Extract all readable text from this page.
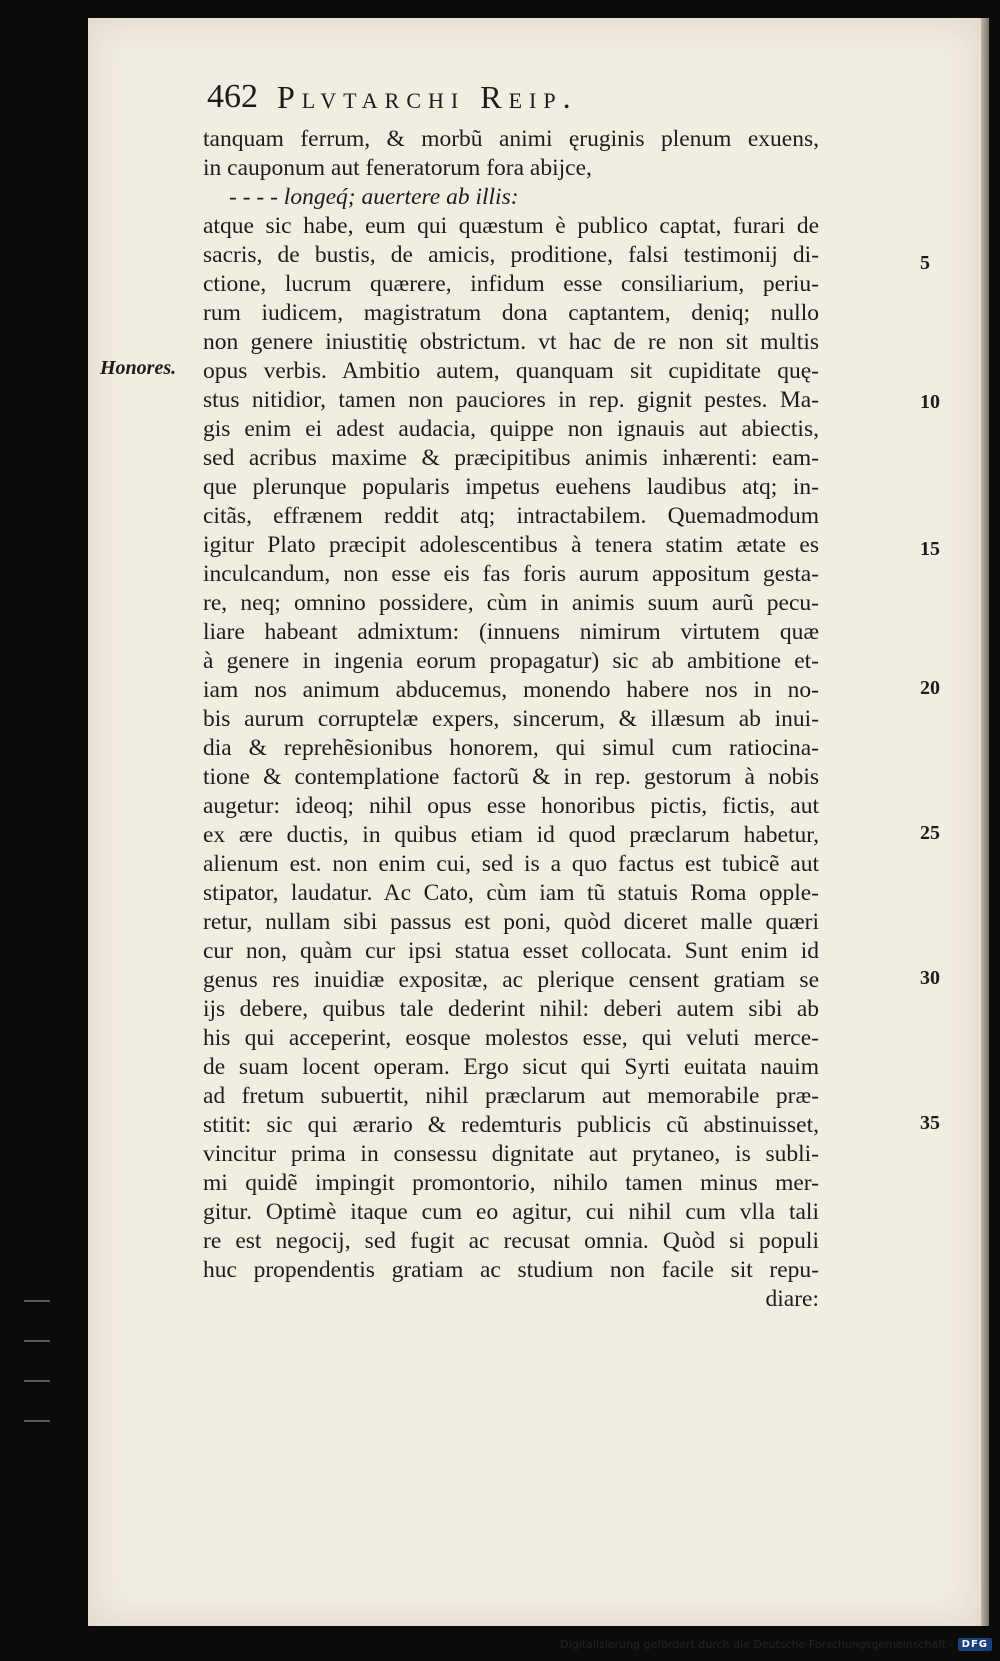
462 Plvtarchi Reip.
Honores.
5
10
15
20
25
30
35
tanquam ferrum, & morbũ animi ęruginis plenum exuens,
in cauponum aut feneratorum fora abijce,
- - - - longeq́; auertere ab illis:
atque sic habe, eum qui quæstum è publico captat, furari de
sacris, de bustis, de amicis, proditione, falsi testimonij di-
ctione, lucrum quærere, infidum esse consiliarium, periu-
rum iudicem, magistratum dona captantem, deniq; nullo
non genere iniustitię obstrictum. vt hac de re non sit multis
opus verbis. Ambitio autem, quanquam sit cupiditate quę-
stus nitidior, tamen non pauciores in rep. gignit pestes. Ma-
gis enim ei adest audacia, quippe non ignauis aut abiectis,
sed acribus maxime & præcipitibus animis inhærenti: eam-
que plerunque popularis impetus euehens laudibus atq; in-
citãs, effrænem reddit atq; intractabilem. Quemadmodum
igitur Plato præcipit adolescentibus à tenera statim ætate es
inculcandum, non esse eis fas foris aurum appositum gesta-
re, neq; omnino possidere, cùm in animis suum aurũ pecu-
liare habeant admixtum: (innuens nimirum virtutem quæ
à genere in ingenia eorum propagatur) sic ab ambitione et-
iam nos animum abducemus, monendo habere nos in no-
bis aurum corruptelæ expers, sincerum, & illæsum ab inui-
dia & reprehẽsionibus honorem, qui simul cum ratiocina-
tione & contemplatione factorũ & in rep. gestorum à nobis
augetur: ideoq; nihil opus esse honoribus pictis, fictis, aut
ex ære ductis, in quibus etiam id quod præclarum habetur,
alienum est. non enim cui, sed is a quo factus est tubicẽ aut
stipator, laudatur. Ac Cato, cùm iam tũ statuis Roma opple-
retur, nullam sibi passus est poni, quòd diceret malle quæri
cur non, quàm cur ipsi statua esset collocata. Sunt enim id
genus res inuidiæ expositæ, ac plerique censent gratiam se
ijs debere, quibus tale dederint nihil: deberi autem sibi ab
his qui acceperint, eosque molestos esse, qui veluti merce-
de suam locent operam. Ergo sicut qui Syrti euitata nauim
ad fretum subuertit, nihil præclarum aut memorabile præ-
stitit: sic qui ærario & redemturis publicis cũ abstinuisset,
vincitur prima in consessu dignitate aut prytaneo, is subli-
mi quidẽ impingit promontorio, nihilo tamen minus mer-
gitur. Optimè itaque cum eo agitur, cui nihil cum vlla tali
re est negocij, sed fugit ac recusat omnia. Quòd si populi
huc propendentis gratiam ac studium non facile sit repu-
diare:
Digitalisierung gefördert durch die Deutsche Forschungsgemeinschaft - DFG
